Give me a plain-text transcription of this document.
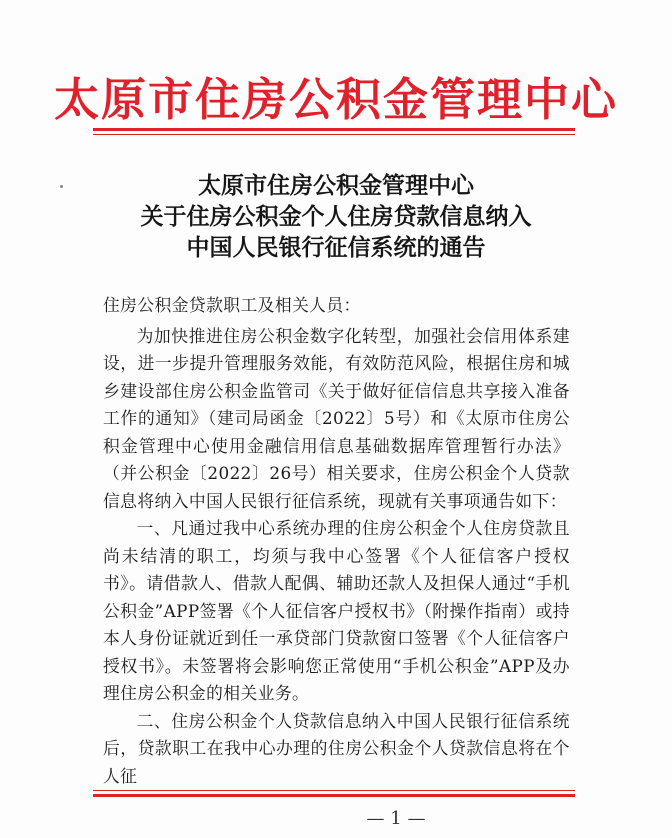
太原市住房公积金管理中心
太原市住房公积金管理中心
关于住房公积金个人住房贷款信息纳入
中国人民银行征信系统的通告

住房公积金贷款职工及相关人员：

为加快推进住房公积金数字化转型，加强社会信用体系建设，进一步提升管理服务效能，有效防范风险，根据住房和城乡建设部住房公积金监管司《关于做好征信信息共享接入准备工作的通知》（建司局函金〔2022〕5号）和《太原市住房公积金管理中心使用金融信用信息基础数据库管理暂行办法》（并公积金〔2022〕26号）相关要求，住房公积金个人贷款信息将纳入中国人民银行征信系统，现就有关事项通告如下：

一、凡通过我中心系统办理的住房公积金个人住房贷款且尚未结清的职工，均须与我中心签署《个人征信客户授权书》。请借款人、借款人配偶、辅助还款人及担保人通过“手机公积金”APP签署《个人征信客户授权书》（附操作指南）或持本人身份证就近到任一承贷部门贷款窗口签署《个人征信客户授权书》。未签署将会影响您正常使用“手机公积金”APP及办理住房公积金的相关业务。

二、住房公积金个人贷款信息纳入中国人民银行征信系统后，贷款职工在我中心办理的住房公积金个人贷款信息将在个人征

— 1 —
